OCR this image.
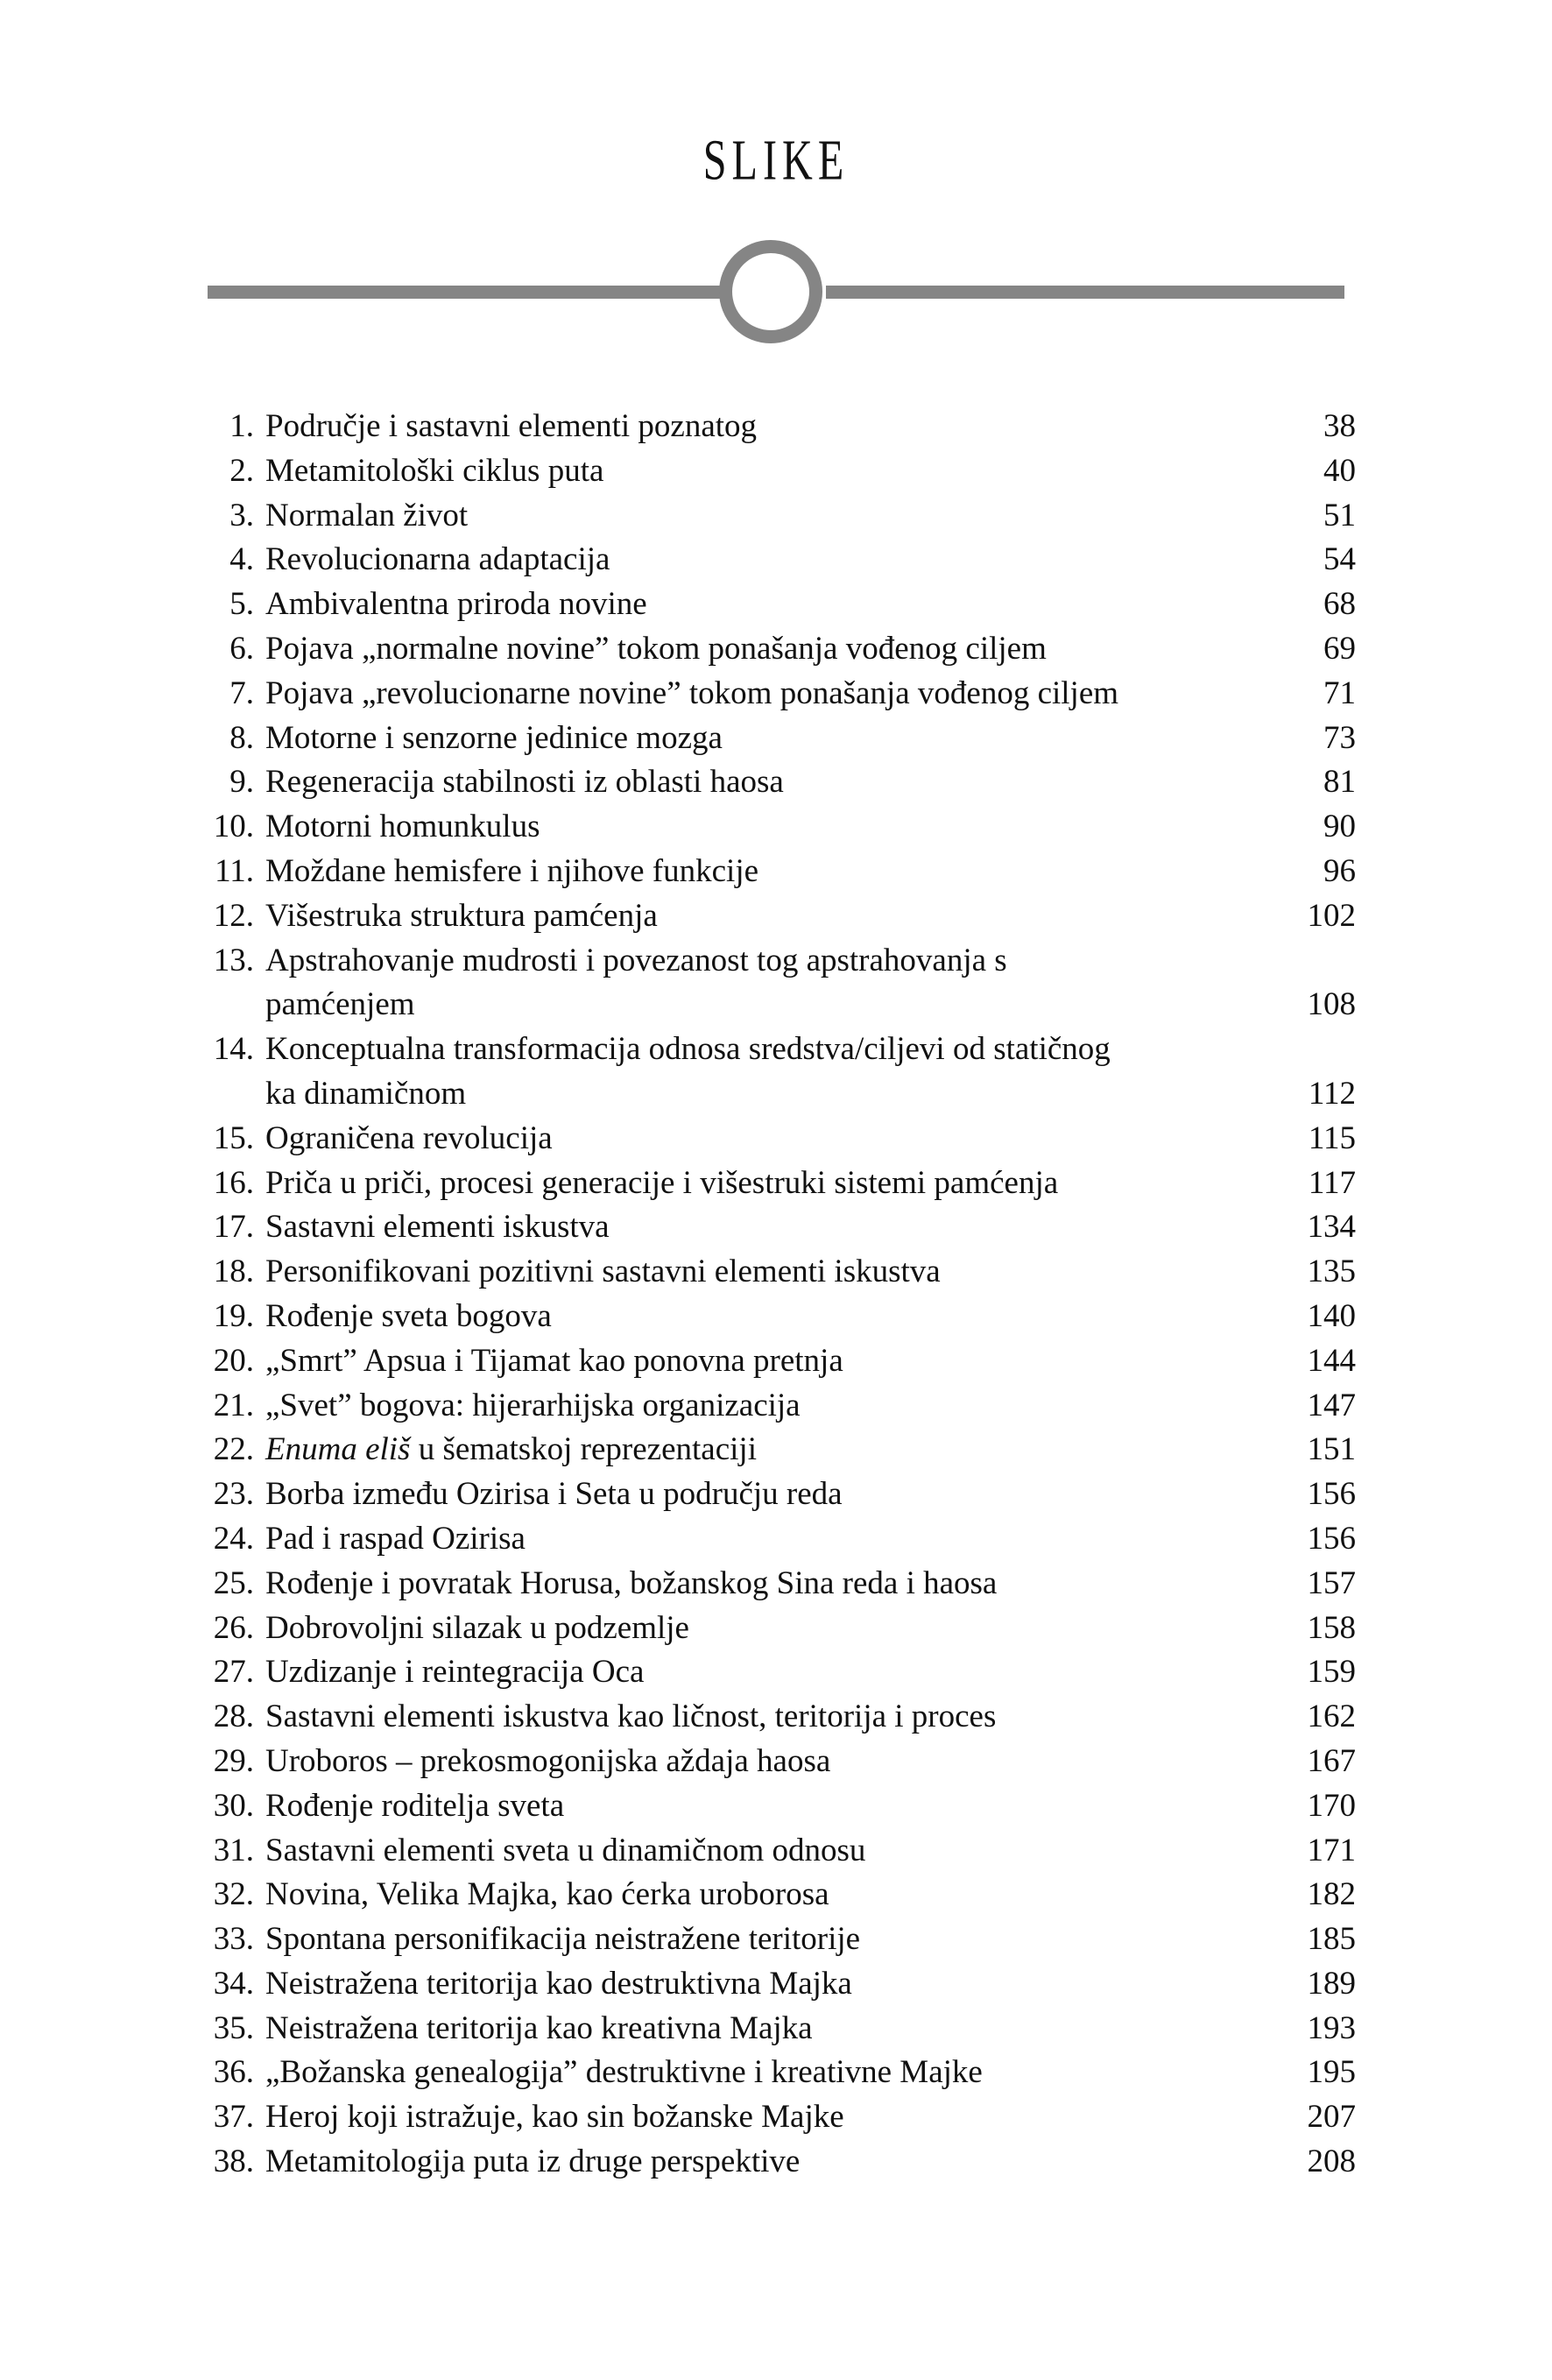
SLIKE
1. Područje i sastavni elementi poznatog	38
2. Metamitološki ciklus puta	40
3. Normalan život	51
4. Revolucionarna adaptacija	54
5. Ambivalentna priroda novine	68
6. Pojava „normalne novine” tokom ponašanja vođenog ciljem	69
7. Pojava „revolucionarne novine” tokom ponašanja vođenog ciljem	71
8. Motorne i senzorne jedinice mozga	73
9. Regeneracija stabilnosti iz oblasti haosa	81
10. Motorni homunkulus	90
11. Moždane hemisfere i njihove funkcije	96
12. Višestruka struktura pamćenja	102
13. Apstrahovanje mudrosti i povezanost tog apstrahovanja s
pamćenjem	108
14. Konceptualna transformacija odnosa sredstva/ciljevi od statičnog
ka dinamičnom	112
15. Ograničena revolucija	115
16. Priča u priči, procesi generacije i višestruki sistemi pamćenja	117
17. Sastavni elementi iskustva	134
18. Personifikovani pozitivni sastavni elementi iskustva	135
19. Rođenje sveta bogova	140
20. „Smrt” Apsua i Tijamat kao ponovna pretnja	144
21. „Svet” bogova: hijerarhijska organizacija	147
22. Enuma eliš u šematskoj reprezentaciji	151
23. Borba između Ozirisa i Seta u području reda	156
24. Pad i raspad Ozirisa	156
25. Rođenje i povratak Horusa, božanskog Sina reda i haosa	157
26. Dobrovoljni silazak u podzemlje	158
27. Uzdizanje i reintegracija Oca	159
28. Sastavni elementi iskustva kao ličnost, teritorija i proces	162
29. Uroboros – prekosmogonijska aždaja haosa	167
30. Rođenje roditelja sveta	170
31. Sastavni elementi sveta u dinamičnom odnosu	171
32. Novina, Velika Majka, kao ćerka uroborosa	182
33. Spontana personifikacija neistražene teritorije	185
34. Neistražena teritorija kao destruktivna Majka	189
35. Neistražena teritorija kao kreativna Majka	193
36. „Božanska genealogija” destruktivne i kreativne Majke	195
37. Heroj koji istražuje, kao sin božanske Majke	207
38. Metamitologija puta iz druge perspektive	208
